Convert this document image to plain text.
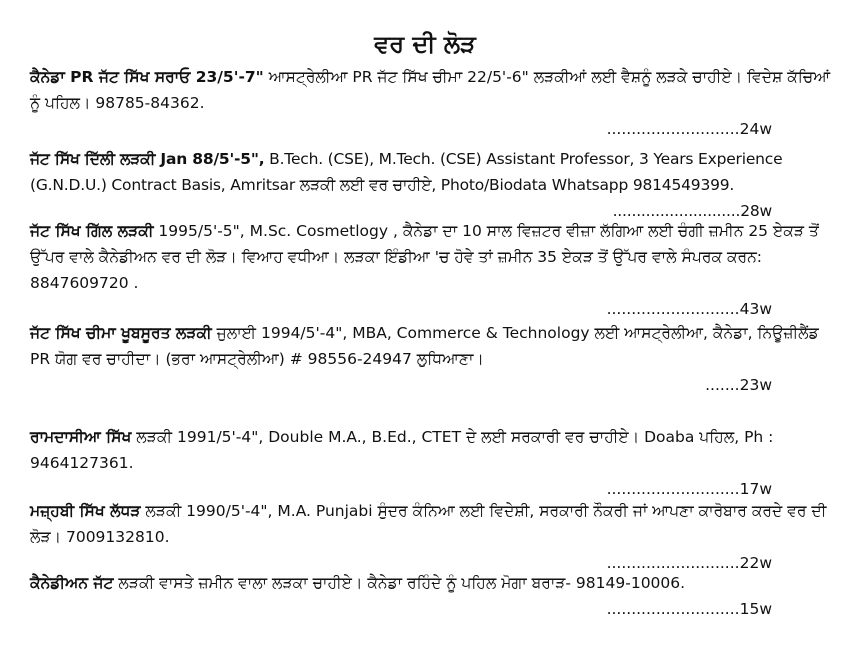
ਵਰ ਦੀ ਲੋੜ

ਕੈਨੇਡਾ PR ਜੱਟ ਸਿੱਖ ਸਰਾਓ 23/5'-7" ਆਸਟ੍ਰੇਲੀਆ PR ਜੱਟ ਸਿੱਖ ਚੀਮਾ 22/5'-6" ਲੜਕੀਆਂ ਲਈ ਵੈਸ਼ਨੂੰ ਲੜਕੇ ਚਾਹੀਏ। ਵਿਦੇਸ਼ ਕੱਚਿਆਂ ਨੂੰ ਪਹਿਲ। 98785-84362.

...........................24w

ਜੱਟ ਸਿੱਖ ਦਿੱਲੀ ਲੜਕੀ Jan 88/5'-5", B.Tech. (CSE), M.Tech. (CSE) Assistant Professor, 3 Years Experience (G.N.D.U.) Contract Basis, Amritsar ਲੜਕੀ ਲਈ ਵਰ ਚਾਹੀਏ, Photo/Biodata Whatsapp 9814549399.

...........................28w

ਜੱਟ ਸਿੱਖ ਗਿੱਲ ਲੜਕੀ 1995/5'-5", M.Sc. Cosmetlogy , ਕੈਨੇਡਾ ਦਾ 10 ਸਾਲ ਵਿਜ਼ਟਰ ਵੀਜ਼ਾ ਲੱਗਿਆ ਲਈ ਚੰਗੀ ਜ਼ਮੀਨ 25 ਏਕੜ ਤੋਂ ਉੱਪਰ ਵਾਲੇ ਕੈਨੇਡੀਅਨ ਵਰ ਦੀ ਲੋੜ। ਵਿਆਹ ਵਧੀਆ। ਲੜਕਾ ਇੰਡੀਆ 'ਚ ਹੋਵੇ ਤਾਂ ਜ਼ਮੀਨ 35 ਏਕੜ ਤੋਂ ਉੱਪਰ ਵਾਲੇ ਸੰਪਰਕ ਕਰਨ: 8847609720 .

...........................43w

ਜੱਟ ਸਿੱਖ ਚੀਮਾ ਖੂਬਸੂਰਤ ਲੜਕੀ ਜੁਲਾਈ 1994/5'-4", MBA, Commerce & Technology ਲਈ ਆਸਟ੍ਰੇਲੀਆ, ਕੈਨੇਡਾ, ਨਿਊਜ਼ੀਲੈਂਡ PR ਯੋਗ ਵਰ ਚਾਹੀਦਾ। (ਭਰਾ ਆਸਟ੍ਰੇਲੀਆ) # 98556-24947 ਲੁਧਿਆਣਾ।

.......23w

ਰਾਮਦਾਸੀਆ ਸਿੱਖ ਲੜਕੀ 1991/5'-4", Double M.A., B.Ed., CTET ਦੇ ਲਈ ਸਰਕਾਰੀ ਵਰ ਚਾਹੀਏ। Doaba ਪਹਿਲ, Ph : 9464127361.

...........................17w

ਮਜ਼੍ਹਬੀ ਸਿੱਖ ਲੱਧੜ ਲੜਕੀ 1990/5'-4", M.A. Punjabi ਸੁੰਦਰ ਕੰਨਿਆ ਲਈ ਵਿਦੇਸ਼ੀ, ਸਰਕਾਰੀ ਨੌਕਰੀ ਜਾਂ ਆਪਣਾ ਕਾਰੋਬਾਰ ਕਰਦੇ ਵਰ ਦੀ ਲੋੜ। 7009132810.

...........................22w

ਕੈਨੇਡੀਅਨ ਜੱਟ ਲੜਕੀ ਵਾਸਤੇ ਜ਼ਮੀਨ ਵਾਲਾ ਲੜਕਾ ਚਾਹੀਏ। ਕੈਨੇਡਾ ਰਹਿੰਦੇ ਨੂੰ ਪਹਿਲ ਮੋਗਾ ਬਰਾੜ- 98149-10006.

...........................15w
